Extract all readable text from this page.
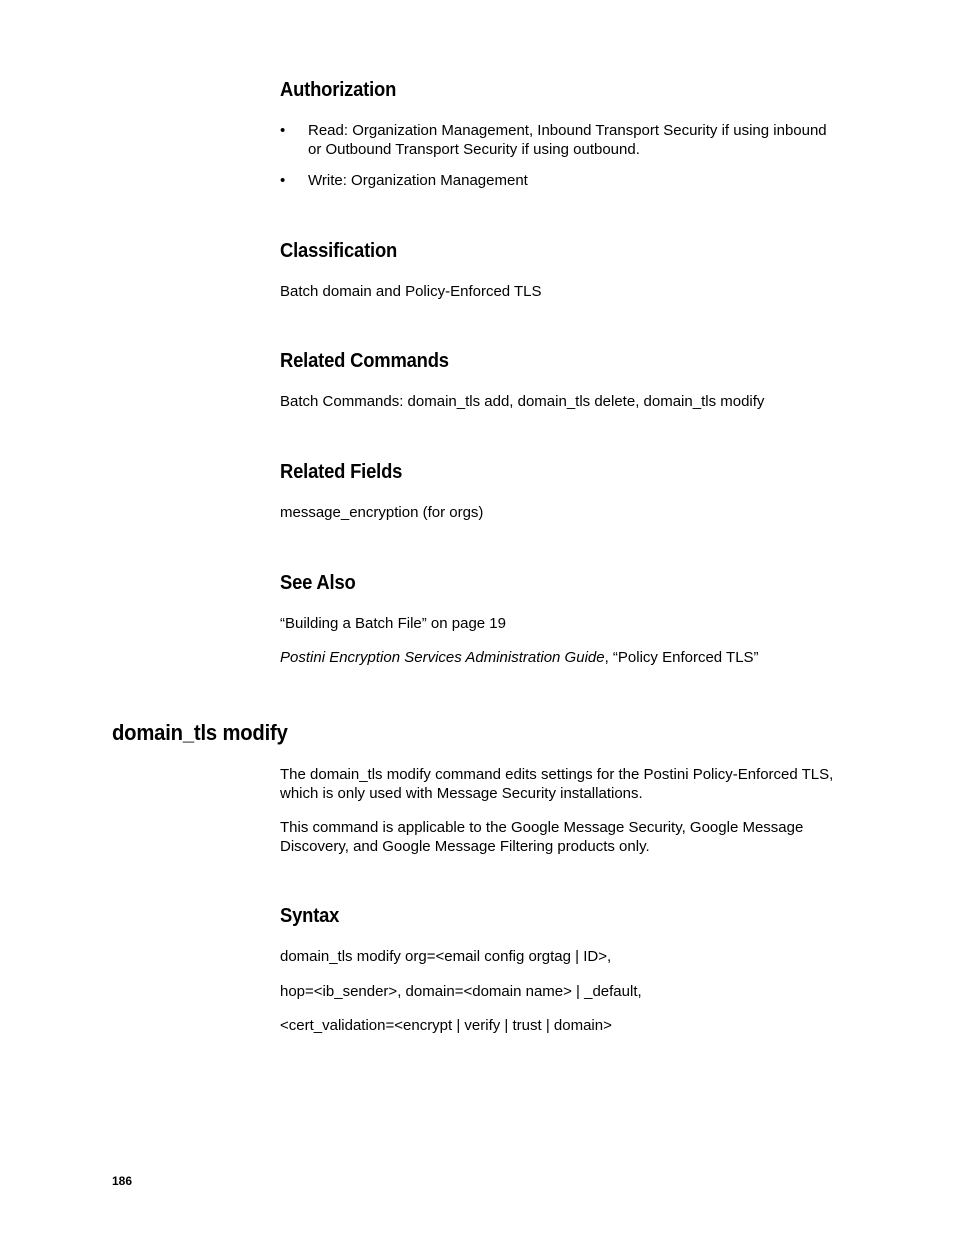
Authorization
• Read: Organization Management, Inbound Transport Security if using inbound or Outbound Transport Security if using outbound.

• Write: Organization Management

Classification

Batch domain and Policy-Enforced TLS

Related Commands

Batch Commands: domain_tls add, domain_tls delete, domain_tls modify

Related Fields

message_encryption (for orgs)

See Also

“Building a Batch File” on page 19

Postini Encryption Services Administration Guide, “Policy Enforced TLS”

domain_tls modify

The domain_tls modify command edits settings for the Postini Policy-Enforced TLS, which is only used with Message Security installations.

This command is applicable to the Google Message Security, Google Message Discovery, and Google Message Filtering products only.

Syntax

domain_tls modify org=<email config orgtag | ID>,

hop=<ib_sender>, domain=<domain name> | _default,

<cert_validation=<encrypt | verify | trust | domain>

186
